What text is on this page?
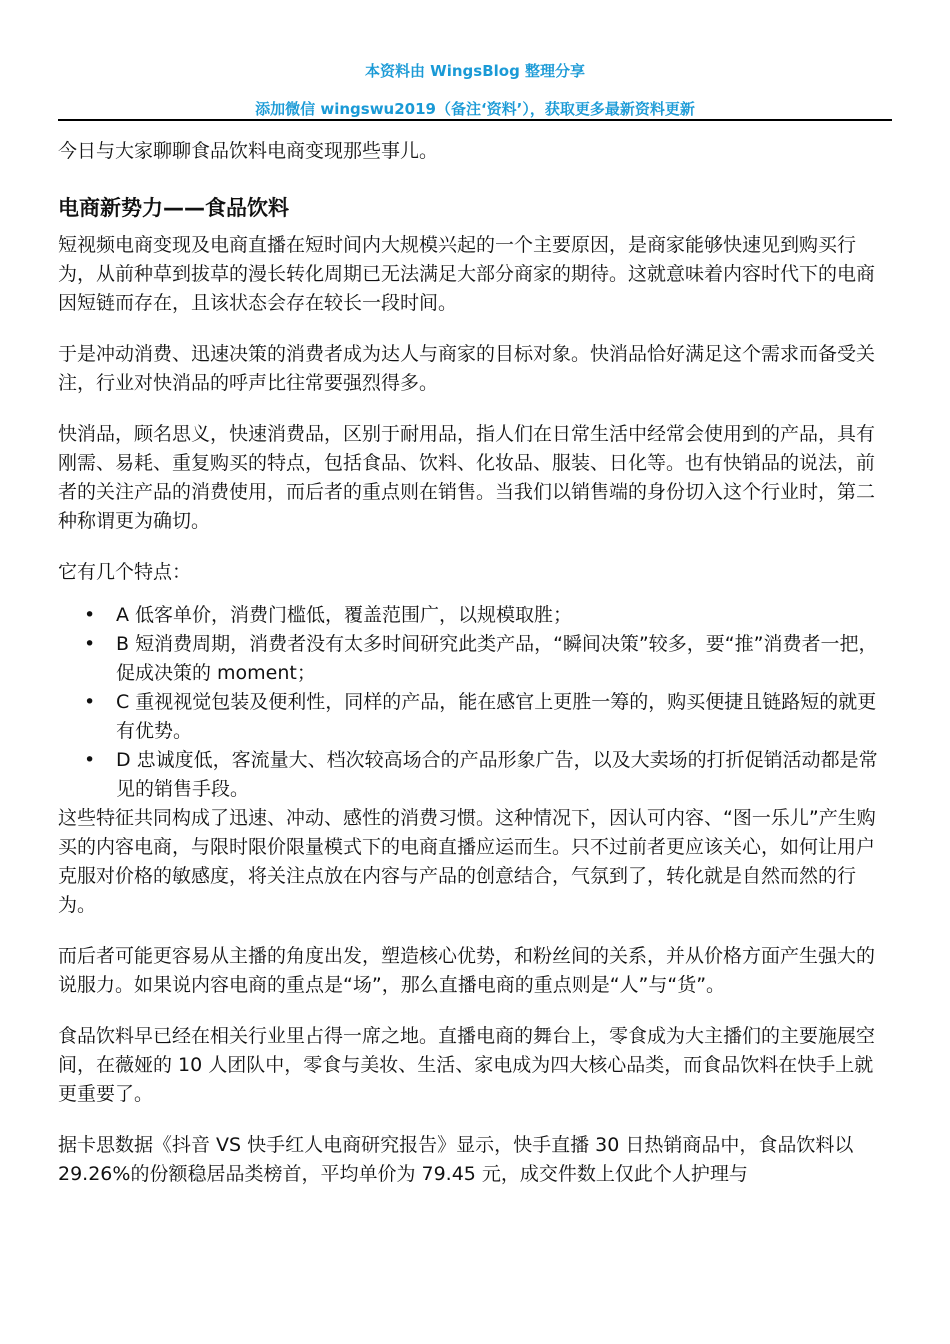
本资料由 WingsBlog 整理分享
添加微信 wingswu2019（备注‘资料’），获取更多最新资料更新

今日与大家聊聊食品饮料电商变现那些事儿。

电商新势力——食品饮料

短视频电商变现及电商直播在短时间内大规模兴起的一个主要原因，是商家能够快速见到购买行为，从前种草到拔草的漫长转化周期已无法满足大部分商家的期待。这就意味着内容时代下的电商因短链而存在，且该状态会存在较长一段时间。

于是冲动消费、迅速决策的消费者成为达人与商家的目标对象。快消品恰好满足这个需求而备受关注，行业对快消品的呼声比往常要强烈得多。

快消品，顾名思义，快速消费品，区别于耐用品，指人们在日常生活中经常会使用到的产品，具有刚需、易耗、重复购买的特点，包括食品、饮料、化妆品、服装、日化等。也有快销品的说法，前者的关注产品的消费使用，而后者的重点则在销售。当我们以销售端的身份切入这个行业时，第二种称谓更为确切。

它有几个特点：

• A 低客单价，消费门槛低，覆盖范围广，以规模取胜；
• B 短消费周期，消费者没有太多时间研究此类产品，“瞬间决策”较多，要“推”消费者一把，促成决策的 moment；
• C 重视视觉包装及便利性，同样的产品，能在感官上更胜一筹的，购买便捷且链路短的就更有优势。
• D 忠诚度低，客流量大、档次较高场合的产品形象广告，以及大卖场的打折促销活动都是常见的销售手段。

这些特征共同构成了迅速、冲动、感性的消费习惯。这种情况下，因认可内容、“图一乐儿”产生购买的内容电商，与限时限价限量模式下的电商直播应运而生。只不过前者更应该关心，如何让用户克服对价格的敏感度，将关注点放在内容与产品的创意结合，气氛到了，转化就是自然而然的行为。

而后者可能更容易从主播的角度出发，塑造核心优势，和粉丝间的关系，并从价格方面产生强大的说服力。如果说内容电商的重点是“场”，那么直播电商的重点则是“人”与“货”。

食品饮料早已经在相关行业里占得一席之地。直播电商的舞台上，零食成为大主播们的主要施展空间，在薇娅的 10 人团队中，零食与美妆、生活、家电成为四大核心品类，而食品饮料在快手上就更重要了。

据卡思数据《抖音 VS 快手红人电商研究报告》显示，快手直播 30 日热销商品中，食品饮料以 29.26%的份额稳居品类榜首，平均单价为 79.45 元，成交件数上仅此个人护理与
